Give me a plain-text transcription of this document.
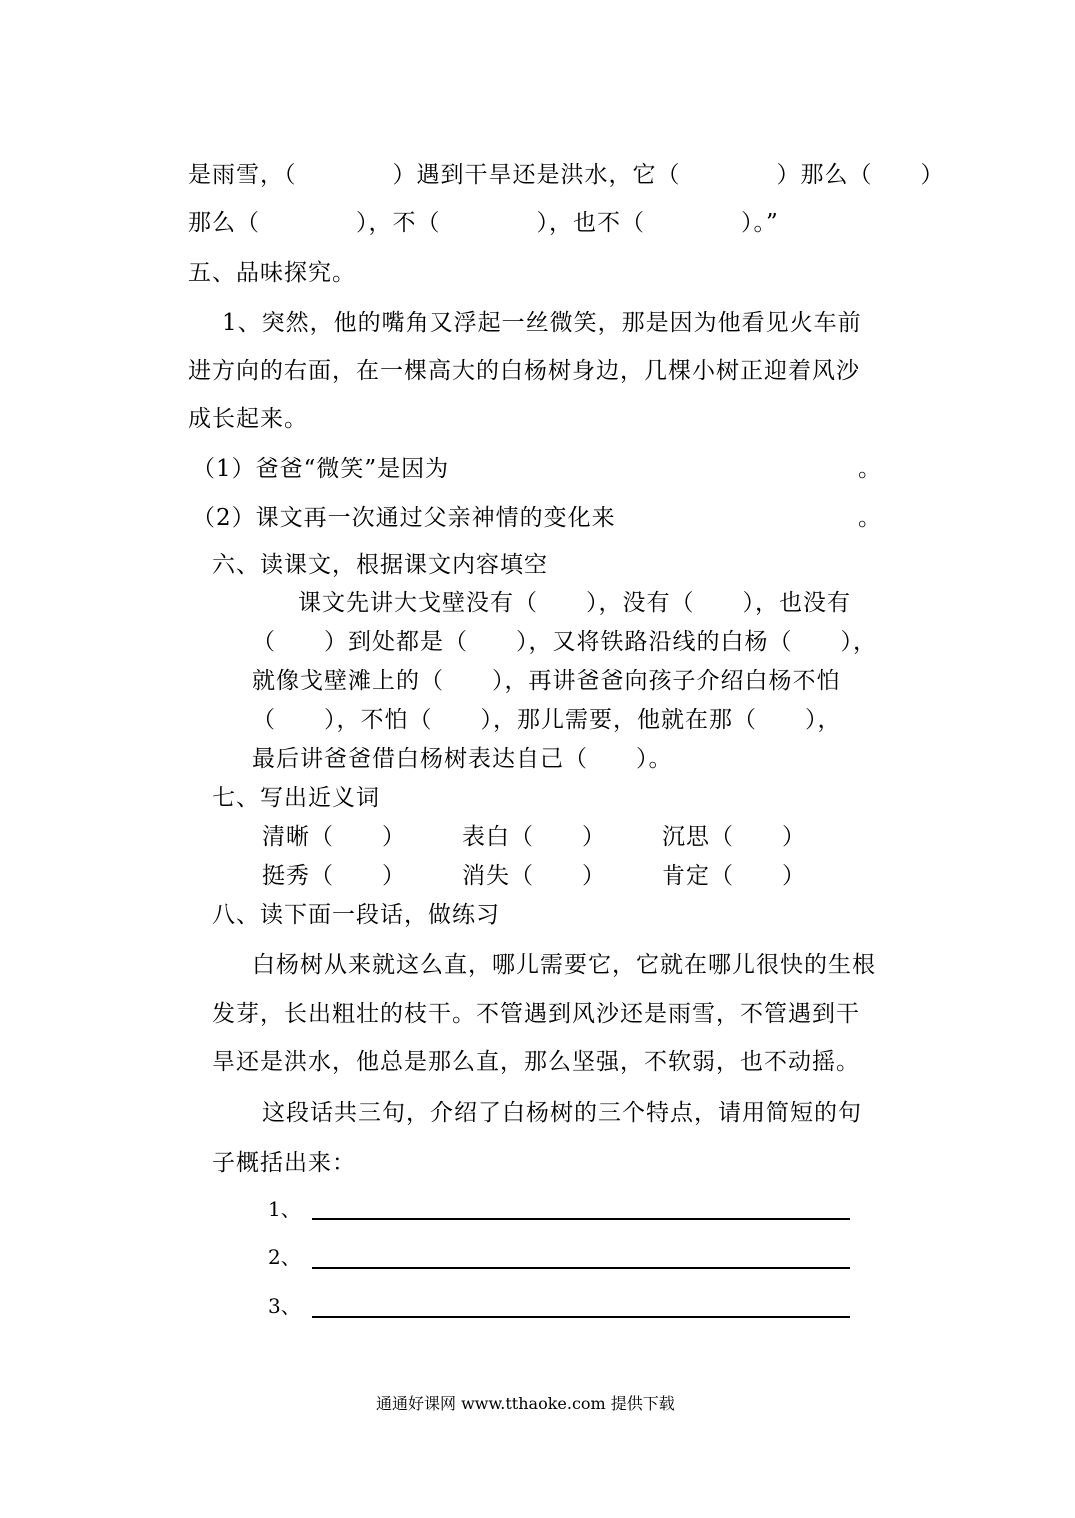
是雨雪，（　　　　）遇到干旱还是洪水，它（　　　　）那么（　　）
那么（　　　　），不（　　　　），也不（　　　　）。”
五、品味探究。
1、突然，他的嘴角又浮起一丝微笑，那是因为他看见火车前
进方向的右面，在一棵高大的白杨树身边，几棵小树正迎着风沙
成长起来。
（1）爸爸“微笑”是因为	。
（2）课文再一次通过父亲神情的变化来	。
六、读课文，根据课文内容填空
课文先讲大戈壁没有（　　），没有（　　），也没有
（　　）到处都是（　　），又将铁路沿线的白杨（　　），
就像戈壁滩上的（　　），再讲爸爸向孩子介绍白杨不怕
（　　），不怕（　　），那儿需要，他就在那（　　），
最后讲爸爸借白杨树表达自己（　　）。
七、写出近义词
清晰（　　） 表白（　　） 沉思（　　）
挺秀（　　） 消失（　　） 肯定（　　）
八、读下面一段话，做练习
白杨树从来就这么直，哪儿需要它，它就在哪儿很快的生根
发芽，长出粗壮的枝干。不管遇到风沙还是雨雪，不管遇到干
旱还是洪水，他总是那么直，那么坚强，不软弱，也不动摇。
这段话共三句，介绍了白杨树的三个特点，请用简短的句
子概括出来：
1、
2、
3、
通通好课网 www.tthaoke.com 提供下载
